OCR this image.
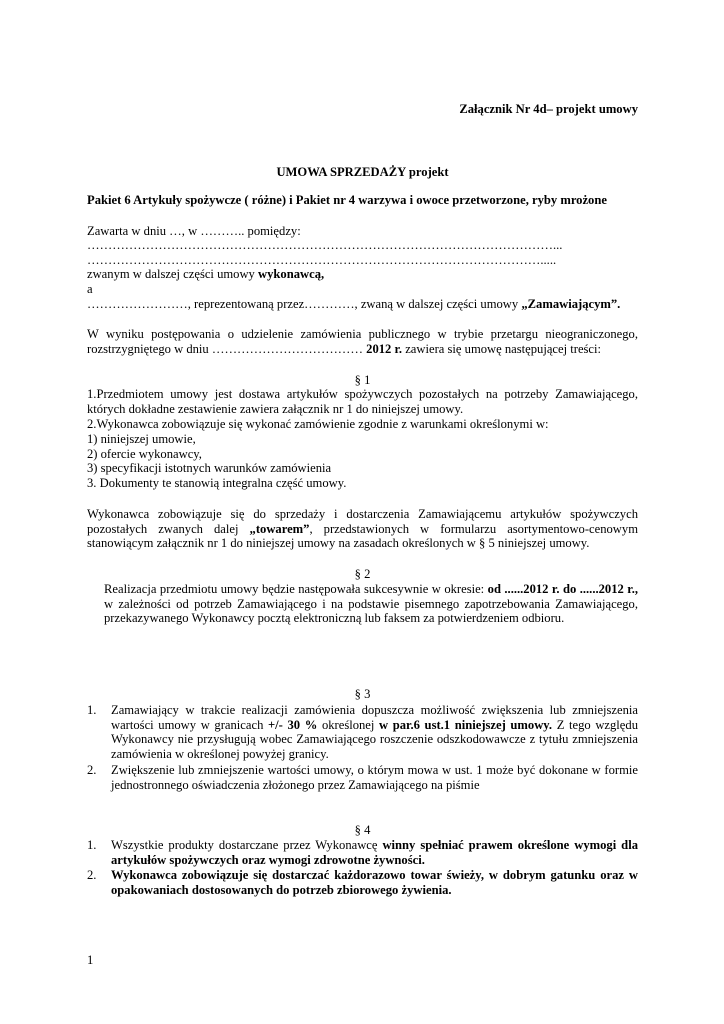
Załącznik Nr 4d– projekt umowy
UMOWA SPRZEDAŻY projekt
Pakiet 6 Artykuły spożywcze ( różne) i Pakiet nr 4 warzywa i owoce przetworzone, ryby mrożone
Zawarta w dniu …, w ……….. pomiędzy:
…………………………………………………………………………………………………...
……………………………………………………………………………………………….....
zwanym w dalszej części umowy wykonawcą,
a
……………………, reprezentowaną przez…………, zwaną w dalszej części umowy „Zamawiającym”.
W wyniku postępowania o udzielenie zamówienia publicznego w trybie przetargu nieograniczonego, rozstrzygniętego w dniu ……………………………… 2012 r. zawiera się umowę następującej treści:
§ 1
1.Przedmiotem umowy jest dostawa artykułów spożywczych pozostałych na potrzeby Zamawiającego, których dokładne zestawienie zawiera załącznik nr 1 do niniejszej umowy.
2.Wykonawca zobowiązuje się wykonać zamówienie zgodnie z warunkami określonymi w:
1) niniejszej umowie,
2) ofercie wykonawcy,
3) specyfikacji istotnych warunków zamówienia
3. Dokumenty te stanowią integralna część umowy.
Wykonawca zobowiązuje się do sprzedaży i dostarczenia Zamawiającemu artykułów spożywczych pozostałych zwanych dalej „towarem”, przedstawionych w formularzu asortymentowo-cenowym stanowiącym załącznik nr 1 do niniejszej umowy na zasadach określonych w § 5 niniejszej umowy.
§ 2
Realizacja przedmiotu umowy będzie następowała sukcesywnie w okresie: od ......2012 r. do ......2012 r., w zależności od potrzeb Zamawiającego i na podstawie pisemnego zapotrzebowania Zamawiającego, przekazywanego Wykonawcy pocztą elektroniczną lub faksem za potwierdzeniem odbioru.
§ 3
1.	Zamawiający w trakcie realizacji zamówienia dopuszcza możliwość zwiększenia lub zmniejszenia wartości umowy w granicach +/- 30 % określonej w par.6 ust.1 niniejszej umowy. Z tego względu Wykonawcy nie przysługują wobec Zamawiającego roszczenie odszkodowawcze z tytułu zmniejszenia zamówienia w określonej powyżej granicy.
2.	Zwiększenie lub zmniejszenie wartości umowy, o którym mowa w ust. 1 może być dokonane w formie jednostronnego oświadczenia złożonego przez Zamawiającego na piśmie
§ 4
1.	Wszystkie produkty dostarczane przez Wykonawcę winny spełniać prawem określone wymogi dla artykułów spożywczych oraz wymogi zdrowotne żywności.
2.	Wykonawca zobowiązuje się dostarczać każdorazowo towar świeży, w dobrym gatunku oraz w opakowaniach dostosowanych do potrzeb zbiorowego żywienia.
1
